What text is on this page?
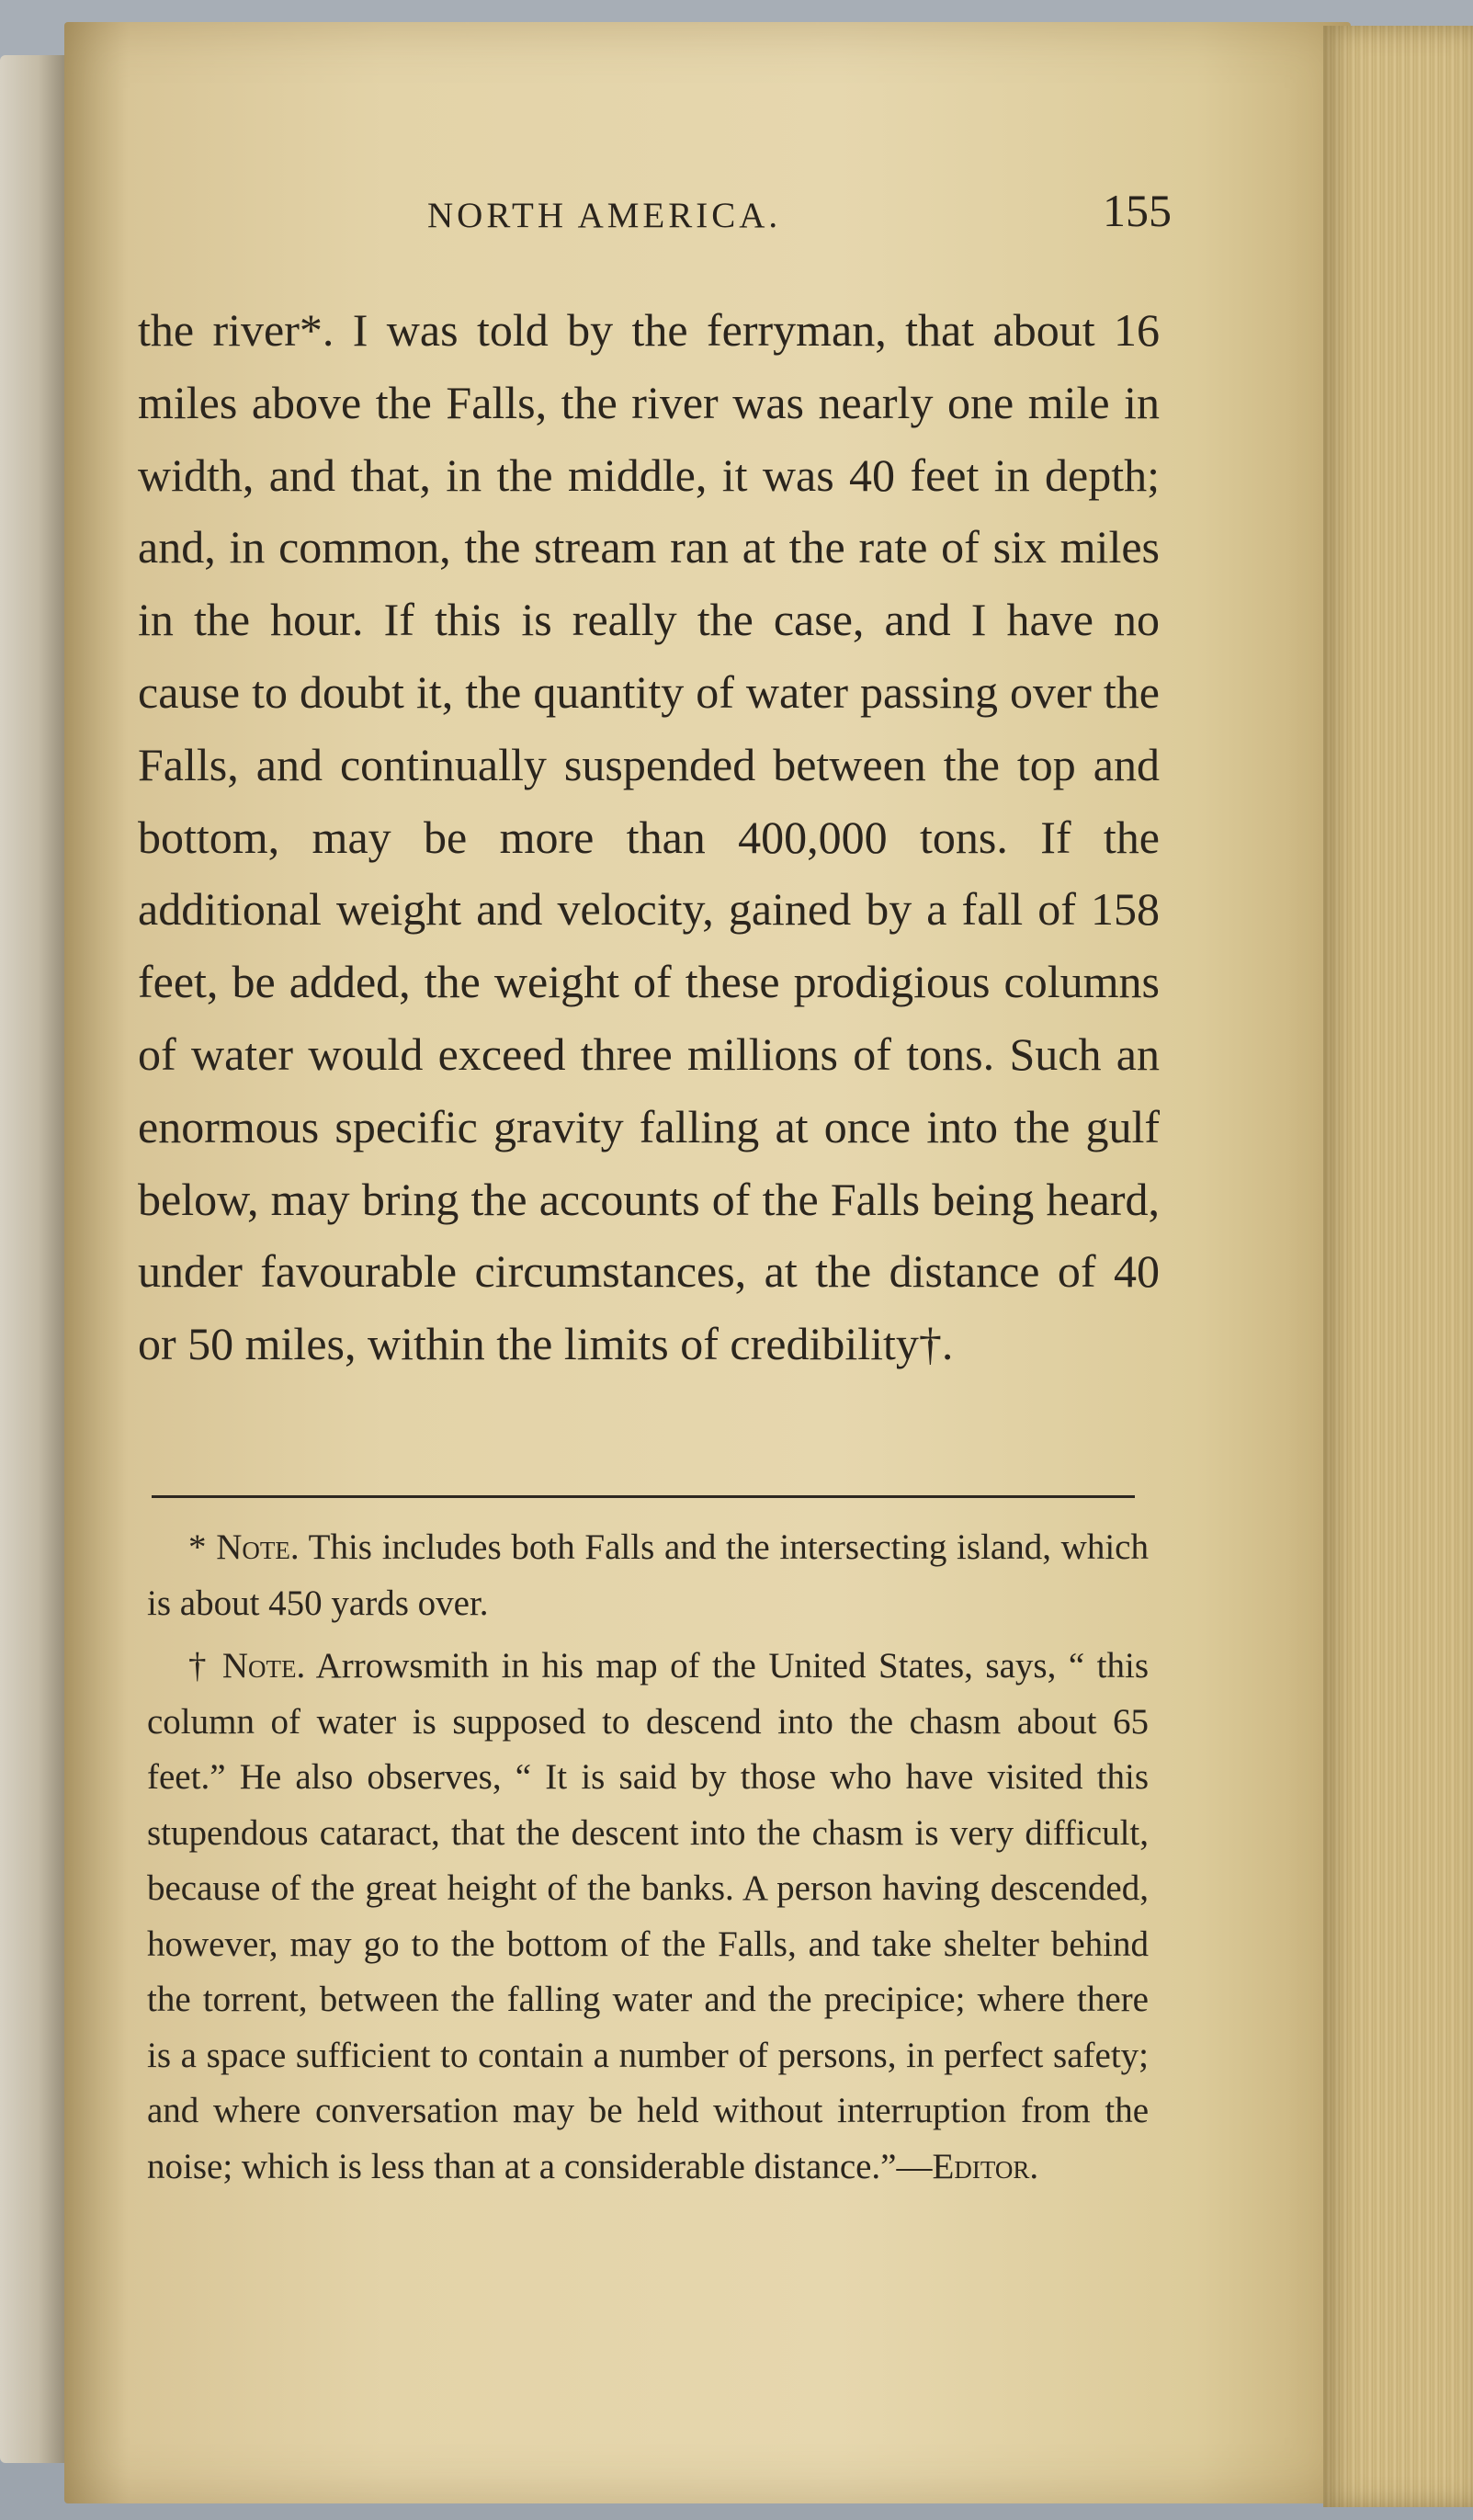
NORTH AMERICA.	155

the river*. I was told by the ferryman, that about 16 miles above the Falls, the river was nearly one mile in width, and that, in the middle, it was 40 feet in depth; and, in common, the stream ran at the rate of six miles in the hour. If this is really the case, and I have no cause to doubt it, the quantity of water passing over the Falls, and continually suspended between the top and bottom, may be more than 400,000 tons. If the additional weight and velocity, gained by a fall of 158 feet, be added, the weight of these prodigious columns of water would exceed three millions of tons. Such an enormous specific gravity falling at once into the gulf below, may bring the accounts of the Falls being heard, under favourable circumstances, at the distance of 40 or 50 miles, within the limits of credibility†.

* Note. This includes both Falls and the intersecting island, which is about 450 yards over.

† Note. Arrowsmith in his map of the United States, says, “ this column of water is supposed to descend into the chasm about 65 feet.” He also observes, “ It is said by those who have visited this stupendous cataract, that the descent into the chasm is very difficult, because of the great height of the banks. A person having descended, however, may go to the bottom of the Falls, and take shelter behind the torrent, between the falling water and the precipice; where there is a space sufficient to contain a number of persons, in perfect safety; and where conversation may be held without interruption from the noise; which is less than at a considerable distance.”—Editor.
